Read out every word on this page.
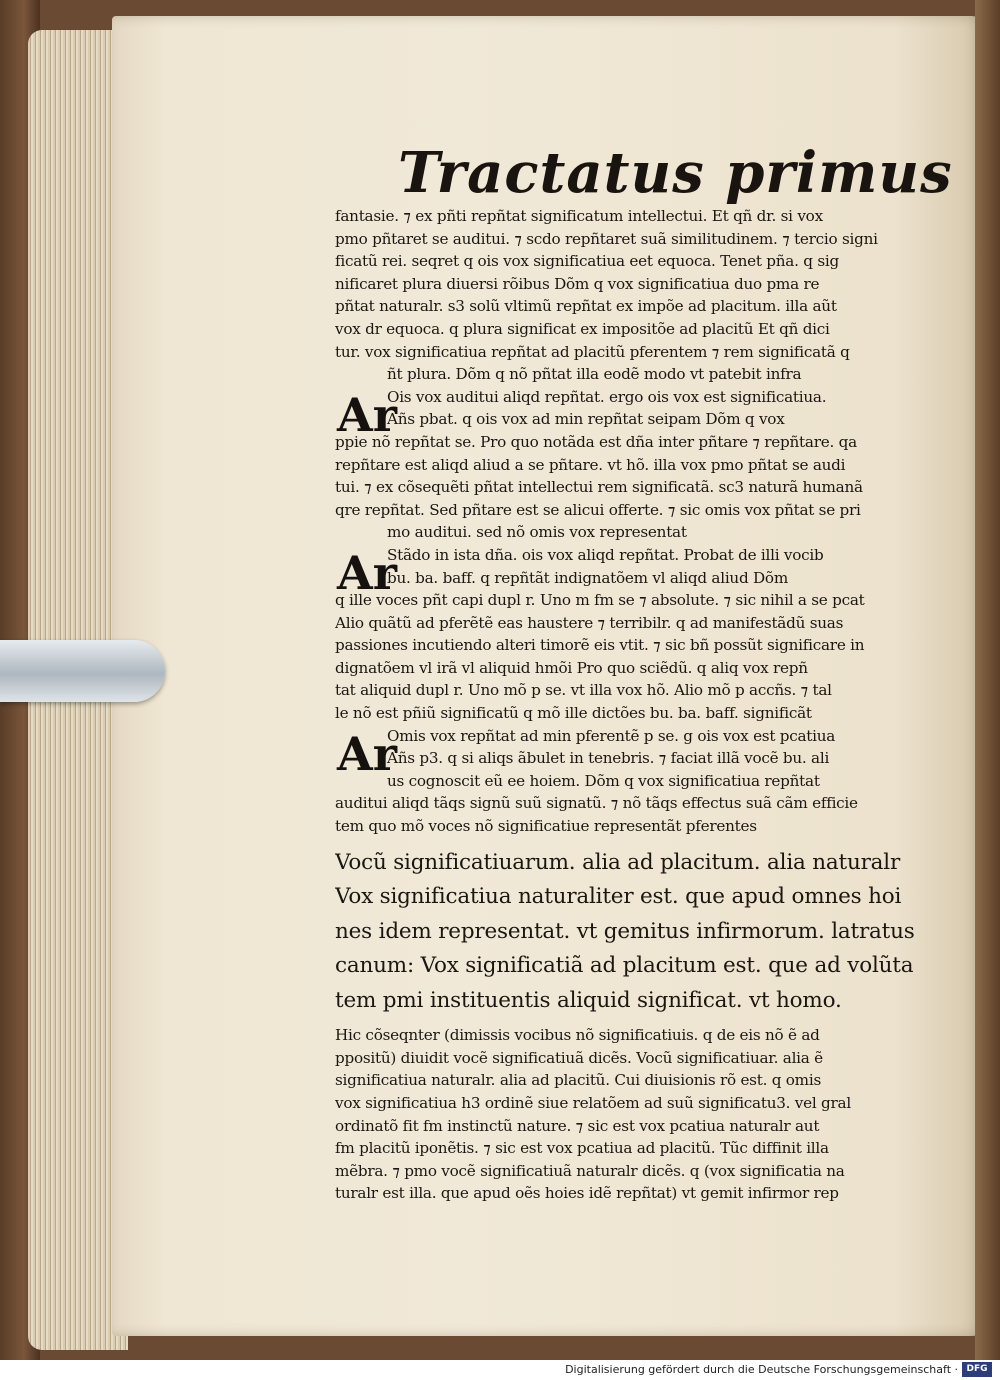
Tractatus primus
fantasie. ⁊ ex pñti repñtat significatum intellectui. Et qñ dr. si vox
pmo pñtaret se auditui. ⁊ scdo repñtaret suã similitudinem. ⁊ tercio signi
ficatũ rei. seqret q ois vox significatiua eet equoca. Tenet pña. q sig
nificaret plura diuersi rõibus Dõm q vox significatiua duo pma re
pñtat naturalr. s3 solũ vltimũ repñtat ex impõe ad placitum. illa aũt
vox dr equoca. q plura significat ex impositõe ad placitũ Et qñ dici
tur. vox significatiua repñtat ad placitũ pferentem ⁊ rem significatã q
ñt plura. Dõm q nõ pñtat illa eodẽ modo vt patebit infra
Ar
Ois vox auditui aliqd repñtat. ergo ois vox est significatiua.
Añs pbat. q ois vox ad min repñtat seipam Dõm q vox
ppie nõ repñtat se. Pro quo notãda est dña inter pñtare ⁊ repñtare. qa
repñtare est aliqd aliud a se pñtare. vt hõ. illa vox pmo pñtat se audi
tui. ⁊ ex cõsequẽti pñtat intellectui rem significatã. sc3 naturã humanã
qre repñtat. Sed pñtare est se alicui offerte. ⁊ sic omis vox pñtat se pri
mo auditui. sed nõ omis vox representat
Ar
Stãdo in ista dña. ois vox aliqd repñtat. Probat de illi vocib
bu. ba. baff. q repñtãt indignatõem vl aliqd aliud Dõm
q ille voces pñt capi dupl r. Uno m fm se ⁊ absolute. ⁊ sic nihil a se pcat
Alio quãtũ ad pferẽtẽ eas haustere ⁊ terribilr. q ad manifestãdũ suas
passiones incutiendo alteri timorẽ eis vtit. ⁊ sic bñ possũt significare in
dignatõem vl irã vl aliquid hmõi Pro quo sciẽdũ. q aliq vox repñ
tat aliquid dupl r. Uno mõ p se. vt illa vox hõ. Alio mõ p accñs. ⁊ tal
le nõ est pñiũ significatũ q mõ ille dictões bu. ba. baff. significãt
Ar
Omis vox repñtat ad min pferentẽ p se. g ois vox est pcatiua
Añs p3. q si aliqs ãbulet in tenebris. ⁊ faciat illã vocẽ bu. ali
us cognoscit eũ ee hoiem. Dõm q vox significatiua repñtat
auditui aliqd tãqs signũ suũ signatũ. ⁊ nõ tãqs effectus suã cãm efficie
tem quo mõ voces nõ significatiue representãt pferentes
Vocũ significatiuarum. alia ad placitum. alia naturalr
Vox significatiua naturaliter est. que apud omnes hoi
nes idem representat. vt gemitus infirmorum. latratus
canum: Vox significatiã ad placitum est. que ad volũta
tem pmi instituentis aliquid significat. vt homo.
Hic cõseqnter (dimissis vocibus nõ significatiuis. q de eis nõ ẽ ad
ppositũ) diuidit vocẽ significatiuã dicẽs. Vocũ significatiuar. alia ẽ
significatiua naturalr. alia ad placitũ. Cui diuisionis rõ est. q omis
vox significatiua h3 ordinẽ siue relatõem ad suũ significatu3. vel gral
ordinatõ fit fm instinctũ nature. ⁊ sic est vox pcatiua naturalr aut
fm placitũ iponẽtis. ⁊ sic est vox pcatiua ad placitũ. Tũc diffinit illa
mẽbra. ⁊ pmo vocẽ significatiuã naturalr dicẽs. q (vox significatia na
turalr est illa. que apud oẽs hoies idẽ repñtat) vt gemit infirmor rep
Digitalisierung gefördert durch die Deutsche Forschungsgemeinschaft · DFG
